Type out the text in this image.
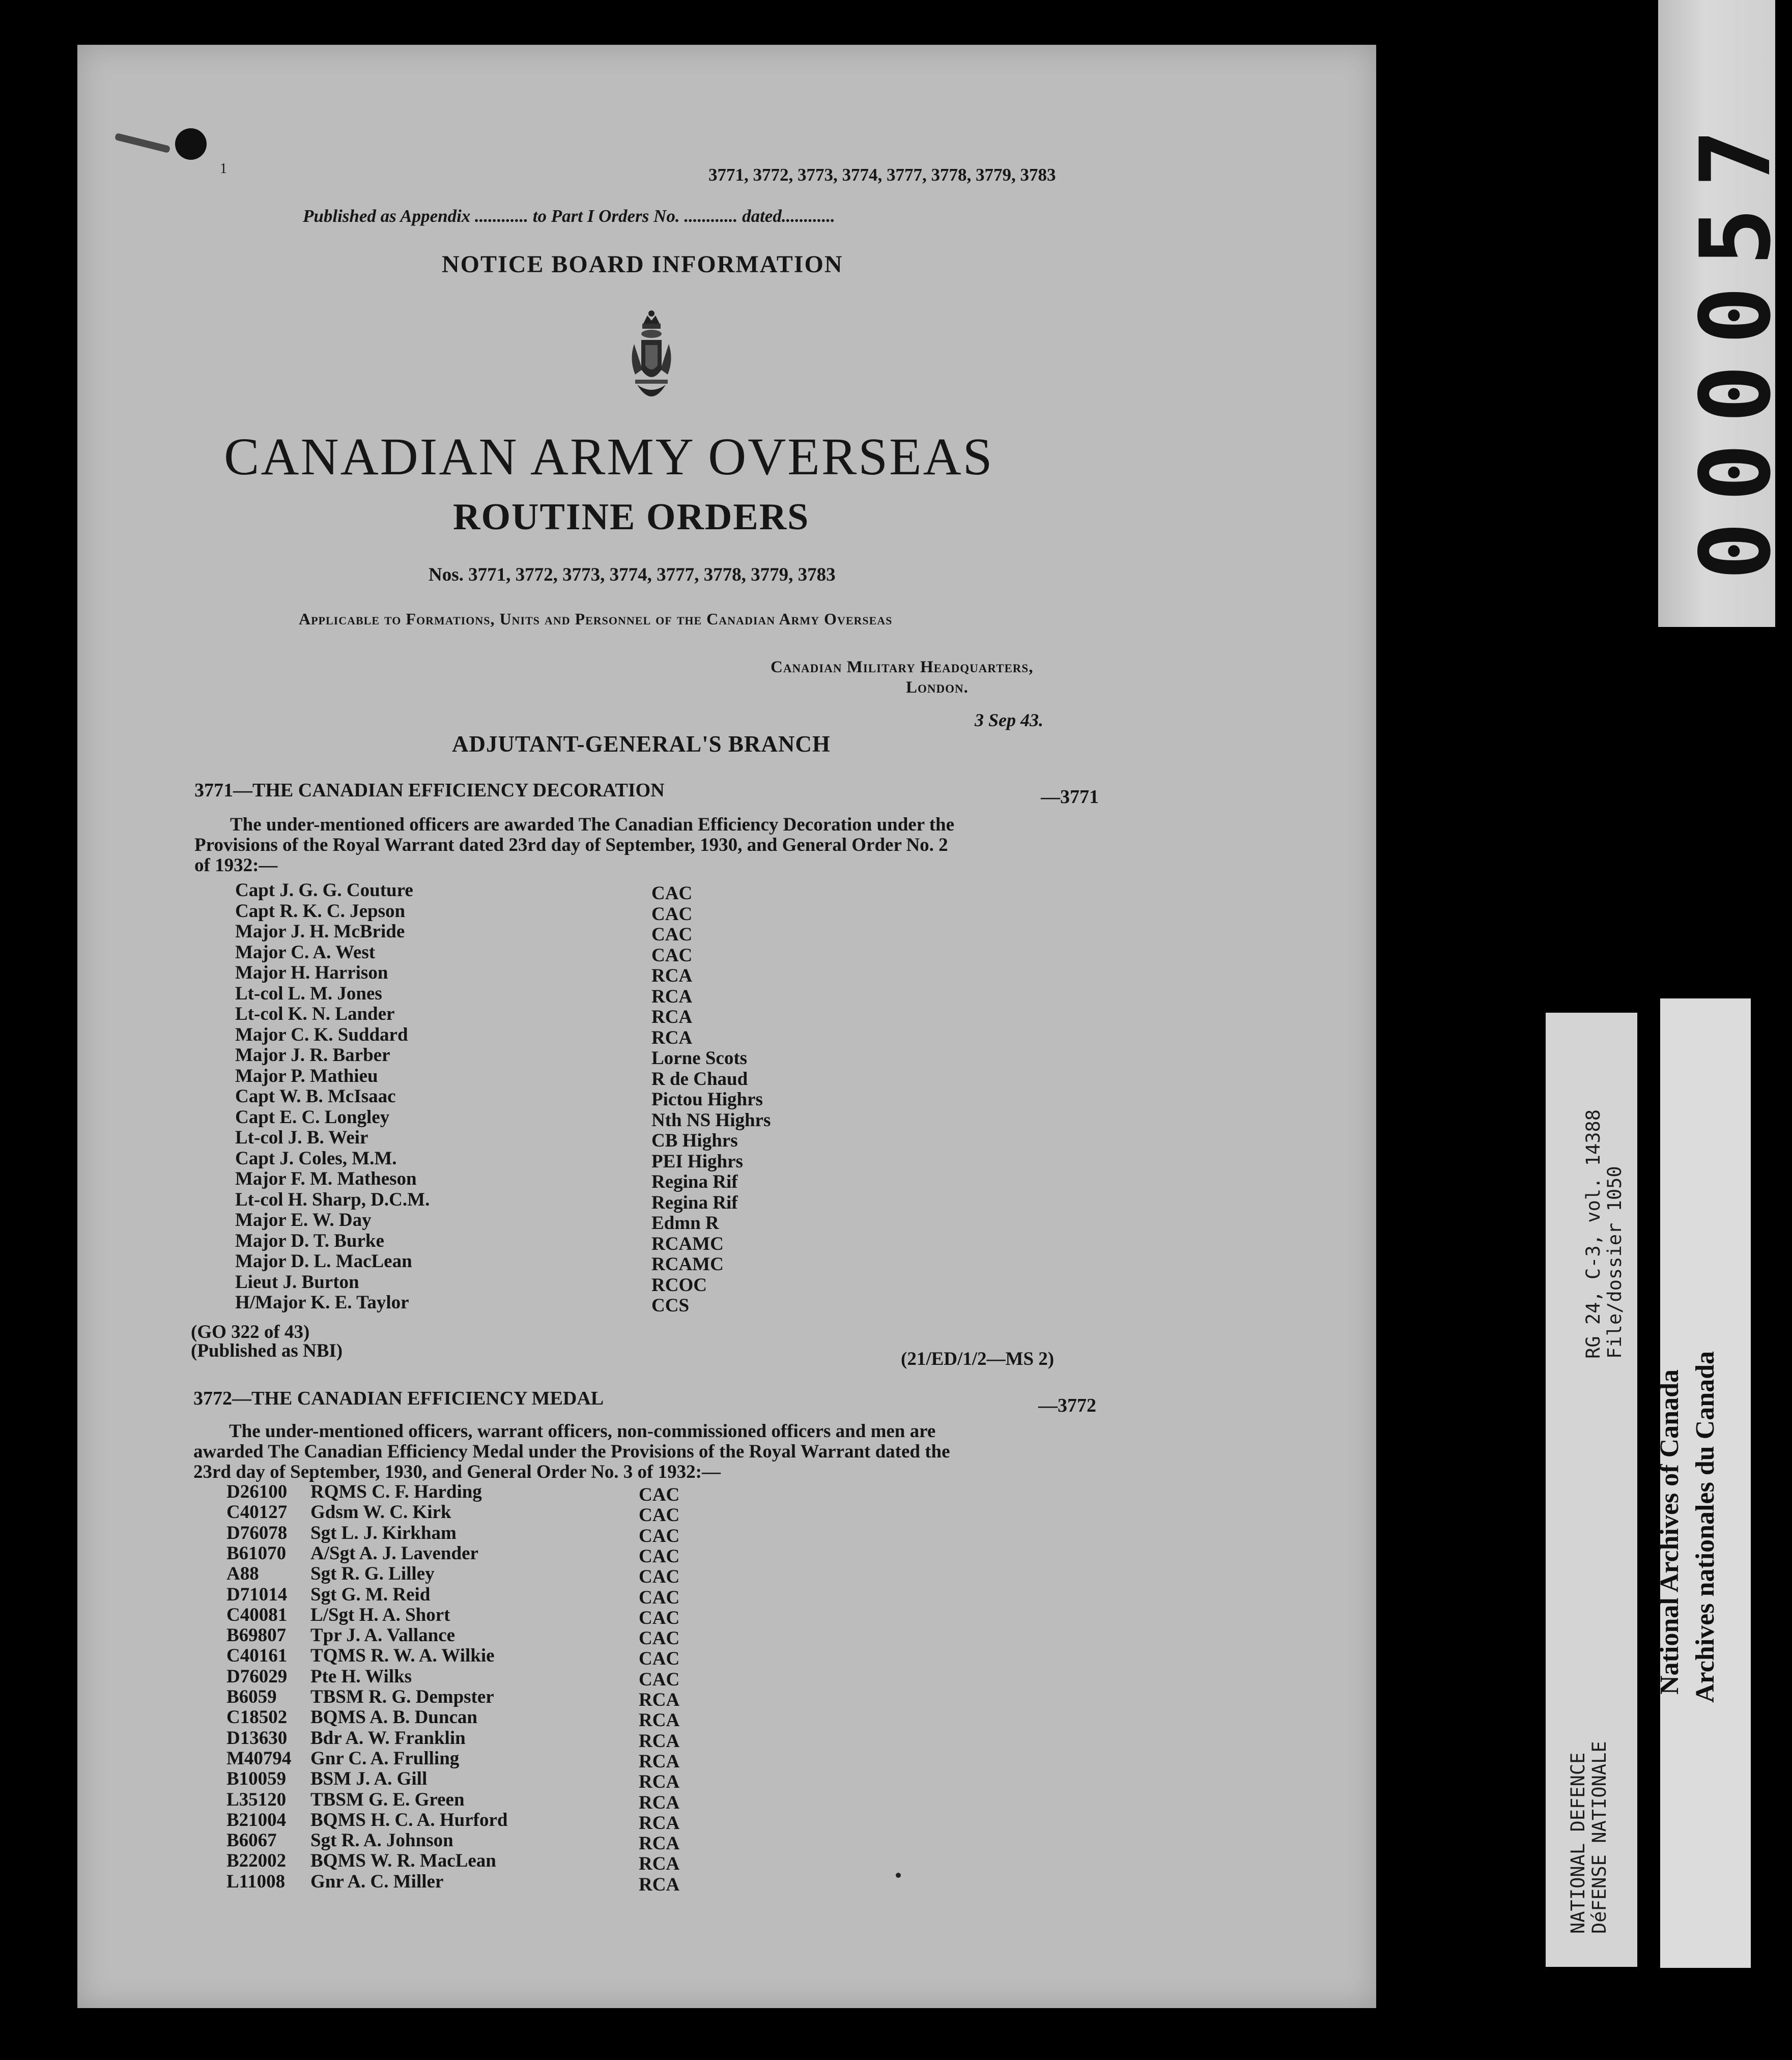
1	3771, 3772, 3773, 3774, 3777, 3778, 3779, 3783
Published as Appendix ............ to Part I Orders No. ............ dated............
NOTICE BOARD INFORMATION
CANADIAN ARMY OVERSEAS
ROUTINE ORDERS
Nos. 3771, 3772, 3773, 3774, 3777, 3778, 3779, 3783
Applicable to Formations, Units and Personnel of the Canadian Army Overseas
Canadian Military Headquarters,
London.
3 Sep 43.
ADJUTANT-GENERAL'S BRANCH
3771—THE CANADIAN EFFICIENCY DECORATION	—3771
The under-mentioned officers are awarded The Canadian Efficiency Decoration under the
Provisions of the Royal Warrant dated 23rd day of September, 1930, and General Order No. 2
of 1932:—
Capt J. G. G. Couture	CAC
Capt R. K. C. Jepson	CAC
Major J. H. McBride	CAC
Major C. A. West	CAC
Major H. Harrison	RCA
Lt-col L. M. Jones	RCA
Lt-col K. N. Lander	RCA
Major C. K. Suddard	RCA
Major J. R. Barber	Lorne Scots
Major P. Mathieu	R de Chaud
Capt W. B. McIsaac	Pictou Highrs
Capt E. C. Longley	Nth NS Highrs
Lt-col J. B. Weir	CB Highrs
Capt J. Coles, M.M.	PEI Highrs
Major F. M. Matheson	Regina Rif
Lt-col H. Sharp, D.C.M.	Regina Rif
Major E. W. Day	Edmn R
Major D. T. Burke	RCAMC
Major D. L. MacLean	RCAMC
Lieut J. Burton	RCOC
H/Major K. E. Taylor	CCS
(GO 322 of 43)
(Published as NBI)	(21/ED/1/2—MS 2)
3772—THE CANADIAN EFFICIENCY MEDAL	—3772
The under-mentioned officers, warrant officers, non-commissioned officers and men are
awarded The Canadian Efficiency Medal under the Provisions of the Royal Warrant dated the
23rd day of September, 1930, and General Order No. 3 of 1932:—
D26100 RQMS C. F. Harding	CAC
C40127 Gdsm W. C. Kirk	CAC
D76078 Sgt L. J. Kirkham	CAC
B61070 A/Sgt A. J. Lavender	CAC
A88	Sgt R. G. Lilley	CAC
D71014 Sgt G. M. Reid	CAC
C40081 L/Sgt H. A. Short	CAC
B69807 Tpr J. A. Vallance	CAC
C40161 TQMS R. W. A. Wilkie	CAC
D76029 Pte H. Wilks	CAC
B6059 TBSM R. G. Dempster	RCA
C18502 BQMS A. B. Duncan	RCA
D13630 Bdr A. W. Franklin	RCA
M40794 Gnr C. A. Frulling	RCA
B10059 BSM J. A. Gill	RCA
L35120 TBSM G. E. Green	RCA
B21004 BQMS H. C. A. Hurford	RCA
B6067 Sgt R. A. Johnson	RCA
B22002 BQMS W. R. MacLean	RCA
L11008 Gnr A. C. Miller	RCA
000057
RG 24, C-3, vol. 14388 File/dossier 1050
NATIONAL DEFENCE DéFENSE NATIONALE
National Archives of Canada Archives nationales du Canada
